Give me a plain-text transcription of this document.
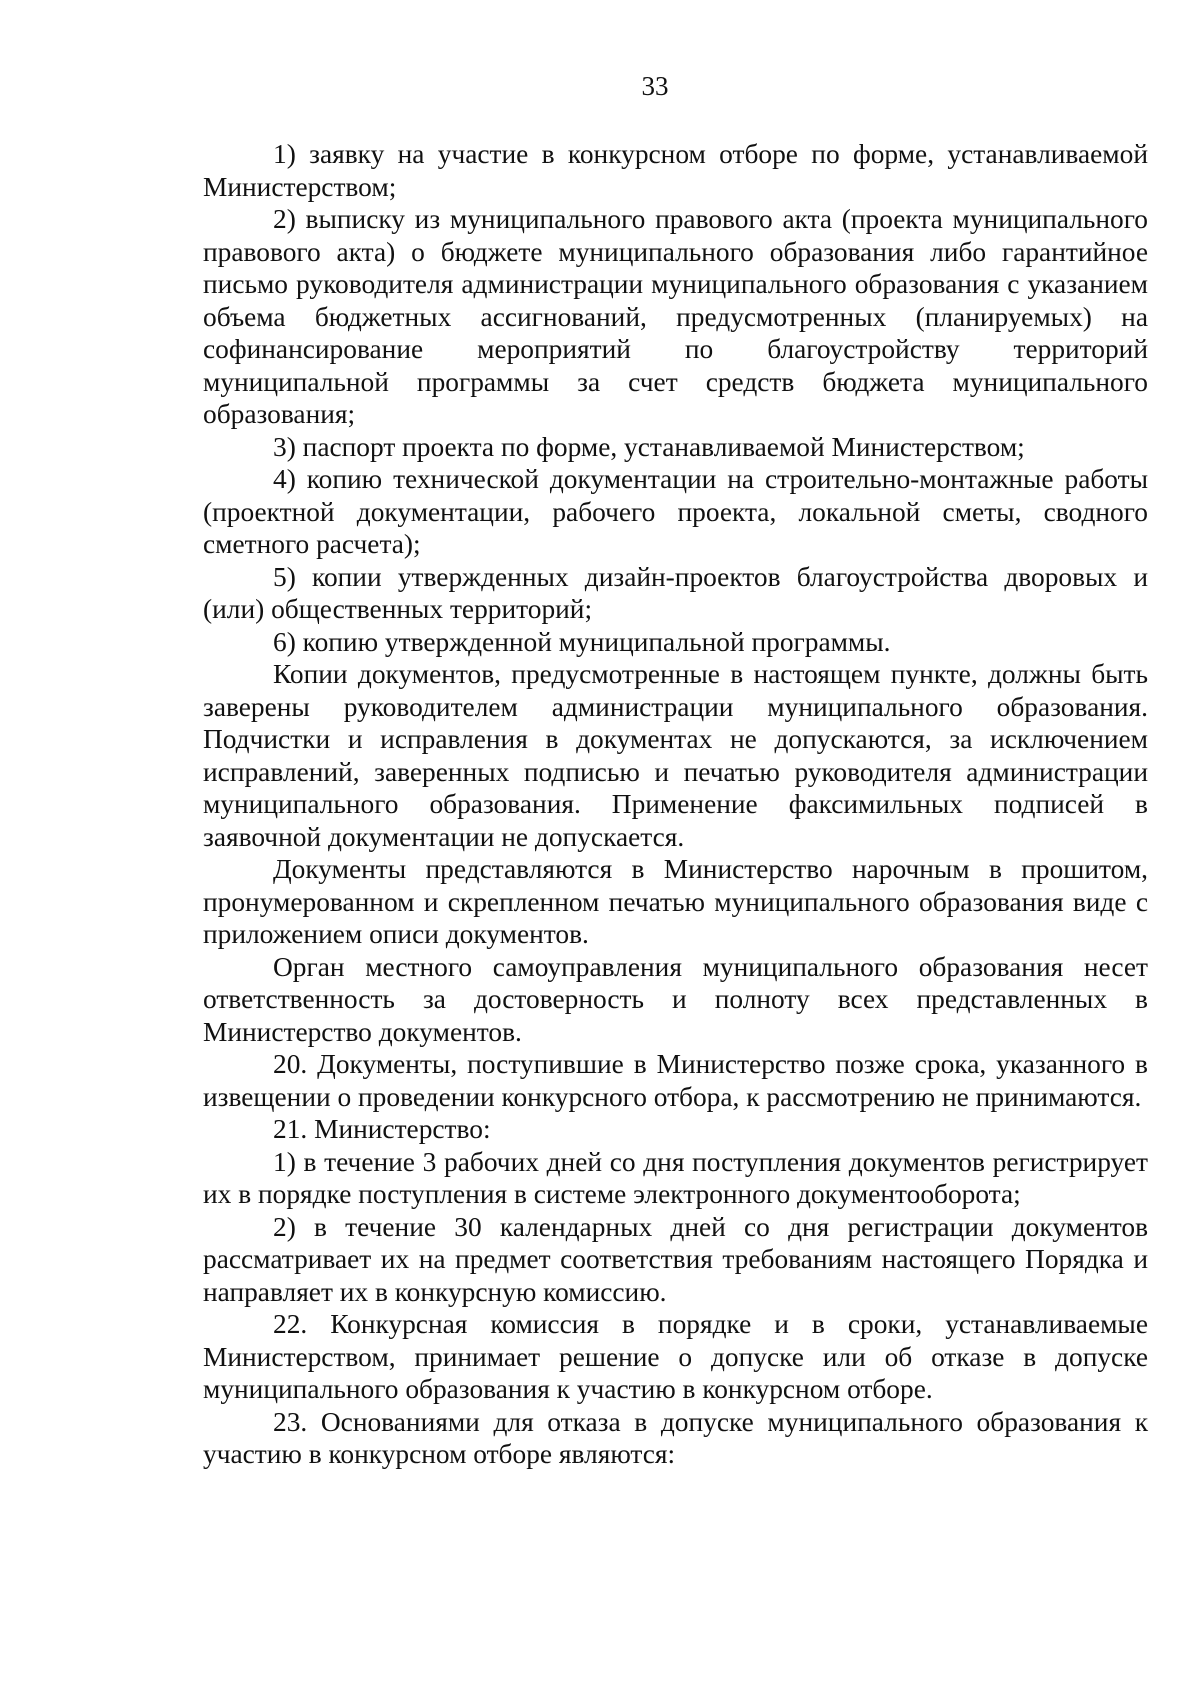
33

1) заявку на участие в конкурсном отборе по форме, устанавливаемой Министерством;

2) выписку из муниципального правового акта (проекта муниципального правового акта) о бюджете муниципального образования либо гарантийное письмо руководителя администрации муниципального образования с указанием объема бюджетных ассигнований, предусмотренных (планируемых) на софинансирование мероприятий по благоустройству территорий муниципальной программы за счет средств бюджета муниципального образования;

3) паспорт проекта по форме, устанавливаемой Министерством;

4) копию технической документации на строительно-монтажные работы (проектной документации, рабочего проекта, локальной сметы, сводного сметного расчета);

5) копии утвержденных дизайн-проектов благоустройства дворовых и (или) общественных территорий;

6) копию утвержденной муниципальной программы.

Копии документов, предусмотренные в настоящем пункте, должны быть заверены руководителем администрации муниципального образования. Подчистки и исправления в документах не допускаются, за исключением исправлений, заверенных подписью и печатью руководителя администрации муниципального образования. Применение факсимильных подписей в заявочной документации не допускается.

Документы представляются в Министерство нарочным в прошитом, пронумерованном и скрепленном печатью муниципального образования виде с приложением описи документов.

Орган местного самоуправления муниципального образования несет ответственность за достоверность и полноту всех представленных в Министерство документов.

20. Документы, поступившие в Министерство позже срока, указанного в извещении о проведении конкурсного отбора, к рассмотрению не принимаются.

21. Министерство:

1) в течение 3 рабочих дней со дня поступления документов регистрирует их в порядке поступления в системе электронного документооборота;

2) в течение 30 календарных дней со дня регистрации документов рассматривает их на предмет соответствия требованиям настоящего Порядка и направляет их в конкурсную комиссию.

22. Конкурсная комиссия в порядке и в сроки, устанавливаемые Министерством, принимает решение о допуске или об отказе в допуске муниципального образования к участию в конкурсном отборе.

23. Основаниями для отказа в допуске муниципального образования к участию в конкурсном отборе являются:
